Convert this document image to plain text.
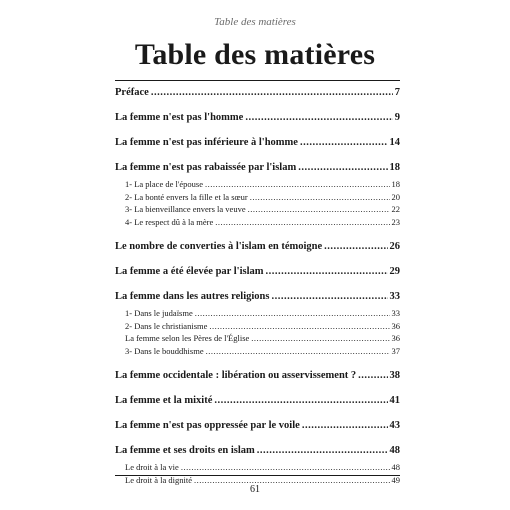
Table des matières
Table des matières
Préface .....	7
La femme n'est pas l'homme .....	9
La femme n'est pas inférieure à l'homme .....	14
La femme n'est pas rabaissée par l'islam .....	18
1- La place de l'épouse .....	18
2- La bonté envers la fille et la sœur .....	20
3- La bienveillance envers la veuve .....	22
4- Le respect dû à la mère .....	23
Le nombre de converties à l'islam en témoigne .....	26
La femme a été élevée par l'islam .....	29
La femme dans les autres religions .....	33
1- Dans le judaïsme .....	33
2- Dans le christianisme .....	36
La femme selon les Pères de l'Église .....	36
3- Dans le bouddhisme .....	37
La femme occidentale : libération ou asservissement ? .....	38
La femme et la mixité .....	41
La femme n'est pas oppressée par le voile .....	43
La femme et ses droits en islam .....	48
Le droit à la vie .....	48
Le droit à la dignité .....	49
61
